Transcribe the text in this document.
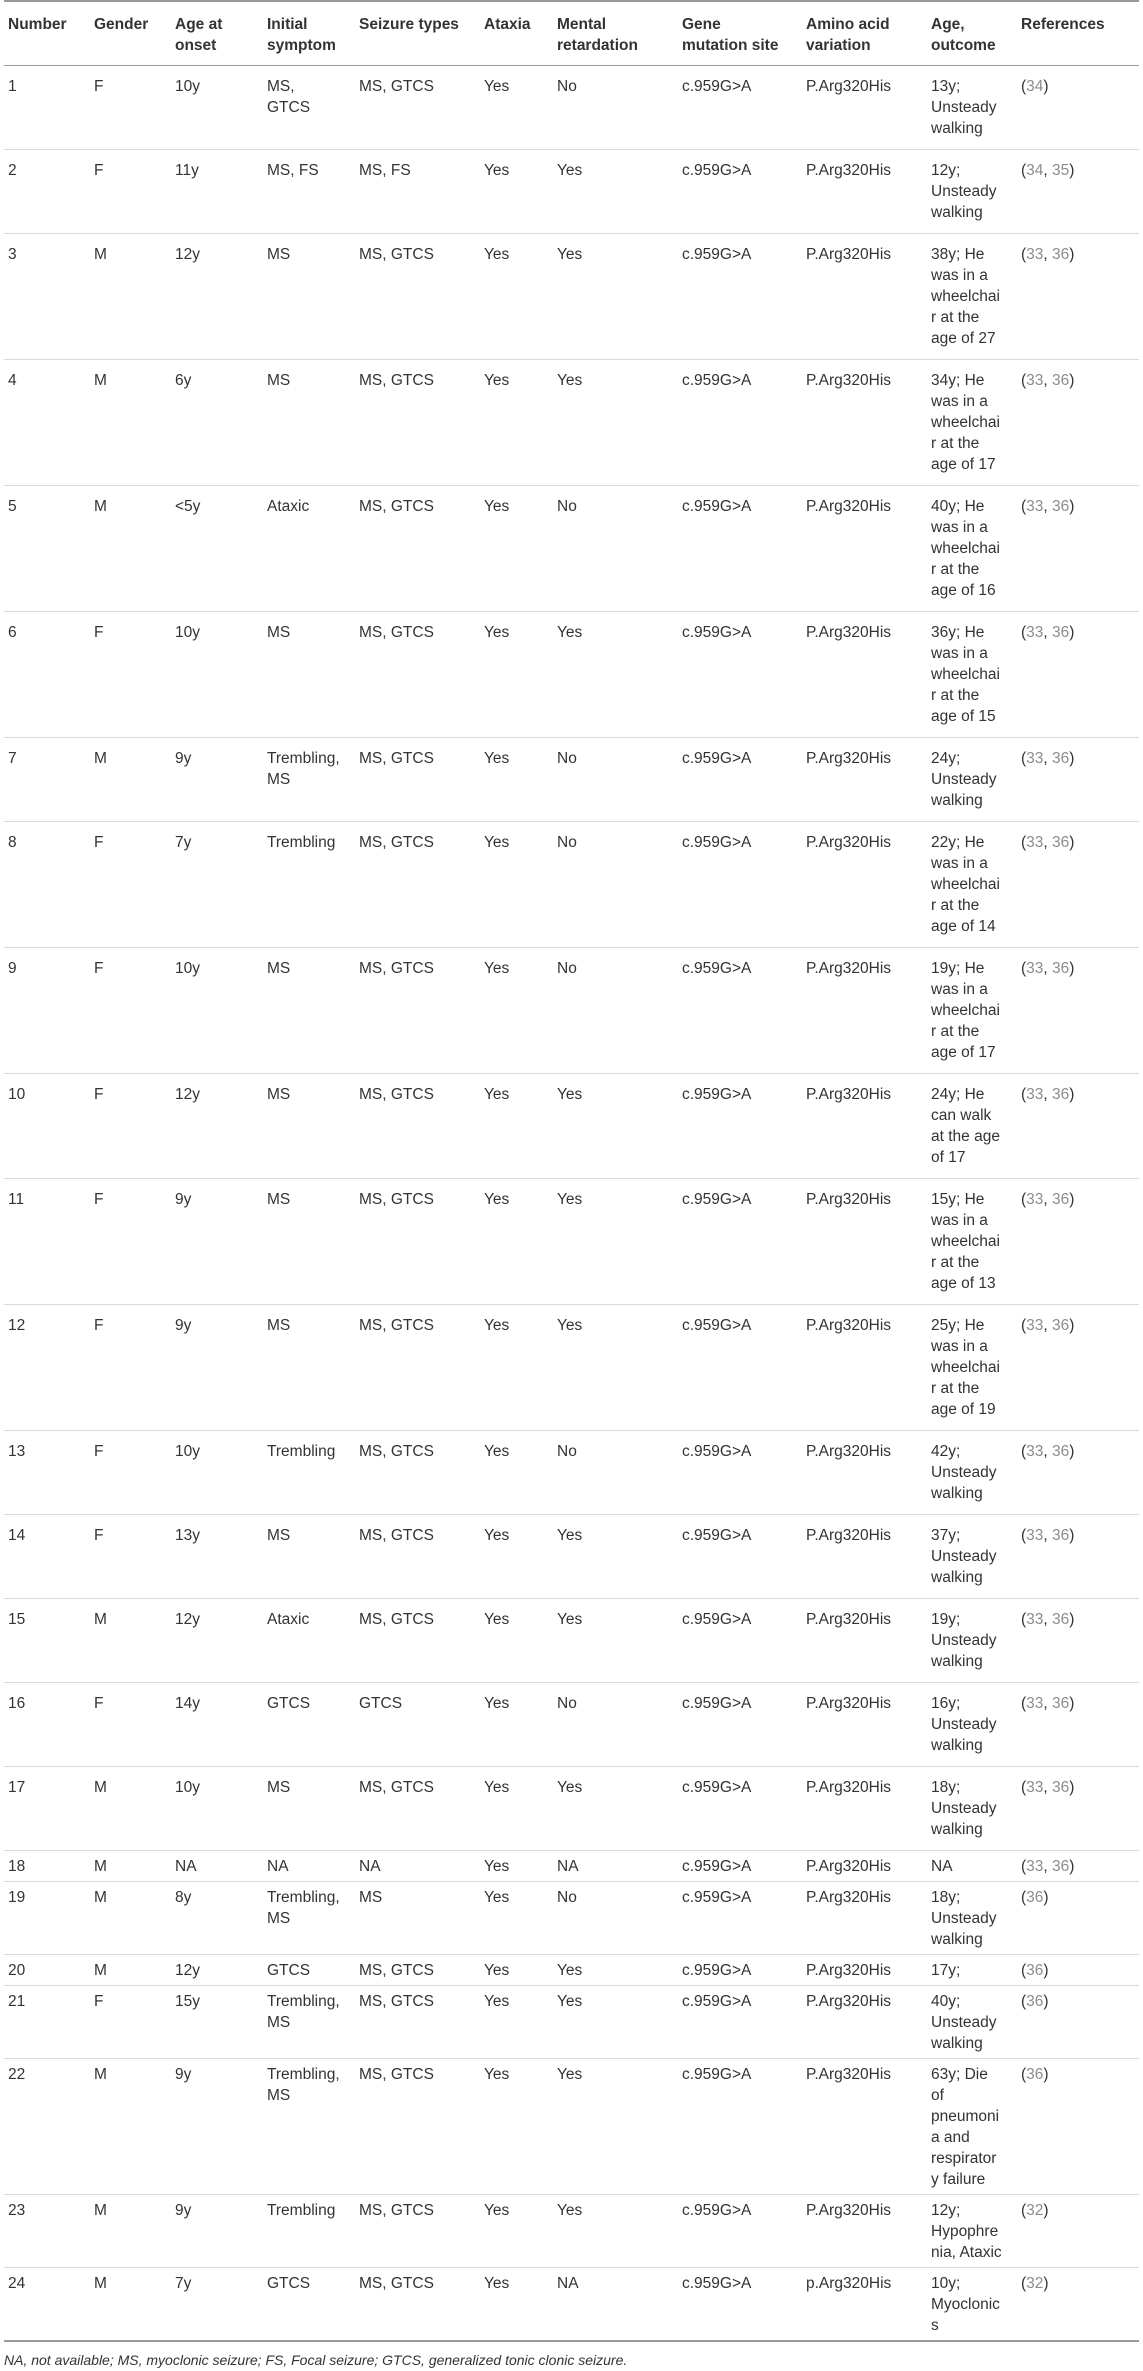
Number	Gender	Age at onset	Initial symptom	Seizure types	Ataxia	Mental retardation	Gene mutation site	Amino acid variation	Age, outcome	References
1	F	10y	MS, GTCS	MS, GTCS	Yes	No	c.959G>A	P.Arg320His	13y; Unsteady walking	(34)
2	F	11y	MS, FS	MS, FS	Yes	Yes	c.959G>A	P.Arg320His	12y; Unsteady walking	(34, 35)
3	M	12y	MS	MS, GTCS	Yes	Yes	c.959G>A	P.Arg320His	38y; He was in a wheelchair at the age of 27	(33, 36)
4	M	6y	MS	MS, GTCS	Yes	Yes	c.959G>A	P.Arg320His	34y; He was in a wheelchair at the age of 17	(33, 36)
5	M	<5y	Ataxic	MS, GTCS	Yes	No	c.959G>A	P.Arg320His	40y; He was in a wheelchair at the age of 16	(33, 36)
6	F	10y	MS	MS, GTCS	Yes	Yes	c.959G>A	P.Arg320His	36y; He was in a wheelchair at the age of 15	(33, 36)
7	M	9y	Trembling, MS	MS, GTCS	Yes	No	c.959G>A	P.Arg320His	24y; Unsteady walking	(33, 36)
8	F	7y	Trembling	MS, GTCS	Yes	No	c.959G>A	P.Arg320His	22y; He was in a wheelchair at the age of 14	(33, 36)
9	F	10y	MS	MS, GTCS	Yes	No	c.959G>A	P.Arg320His	19y; He was in a wheelchair at the age of 17	(33, 36)
10	F	12y	MS	MS, GTCS	Yes	Yes	c.959G>A	P.Arg320His	24y; He can walk at the age of 17	(33, 36)
11	F	9y	MS	MS, GTCS	Yes	Yes	c.959G>A	P.Arg320His	15y; He was in a wheelchair at the age of 13	(33, 36)
12	F	9y	MS	MS, GTCS	Yes	Yes	c.959G>A	P.Arg320His	25y; He was in a wheelchair at the age of 19	(33, 36)
13	F	10y	Trembling	MS, GTCS	Yes	No	c.959G>A	P.Arg320His	42y; Unsteady walking	(33, 36)
14	F	13y	MS	MS, GTCS	Yes	Yes	c.959G>A	P.Arg320His	37y; Unsteady walking	(33, 36)
15	M	12y	Ataxic	MS, GTCS	Yes	Yes	c.959G>A	P.Arg320His	19y; Unsteady walking	(33, 36)
16	F	14y	GTCS	GTCS	Yes	No	c.959G>A	P.Arg320His	16y; Unsteady walking	(33, 36)
17	M	10y	MS	MS, GTCS	Yes	Yes	c.959G>A	P.Arg320His	18y; Unsteady walking	(33, 36)
18	M	NA	NA	NA	Yes	NA	c.959G>A	P.Arg320His	NA	(33, 36)
19	M	8y	Trembling, MS	MS	Yes	No	c.959G>A	P.Arg320His	18y; Unsteady walking	(36)
20	M	12y	GTCS	MS, GTCS	Yes	Yes	c.959G>A	P.Arg320His	17y;	(36)
21	F	15y	Trembling, MS	MS, GTCS	Yes	Yes	c.959G>A	P.Arg320His	40y; Unsteady walking	(36)
22	M	9y	Trembling, MS	MS, GTCS	Yes	Yes	c.959G>A	P.Arg320His	63y; Die of pneumonia and respiratory failure	(36)
23	M	9y	Trembling	MS, GTCS	Yes	Yes	c.959G>A	P.Arg320His	12y; Hypophrenia, Ataxic	(32)
24	M	7y	GTCS	MS, GTCS	Yes	NA	c.959G>A	p.Arg320His	10y; Myoclonics	(32)
NA, not available; MS, myoclonic seizure; FS, Focal seizure; GTCS, generalized tonic clonic seizure.
